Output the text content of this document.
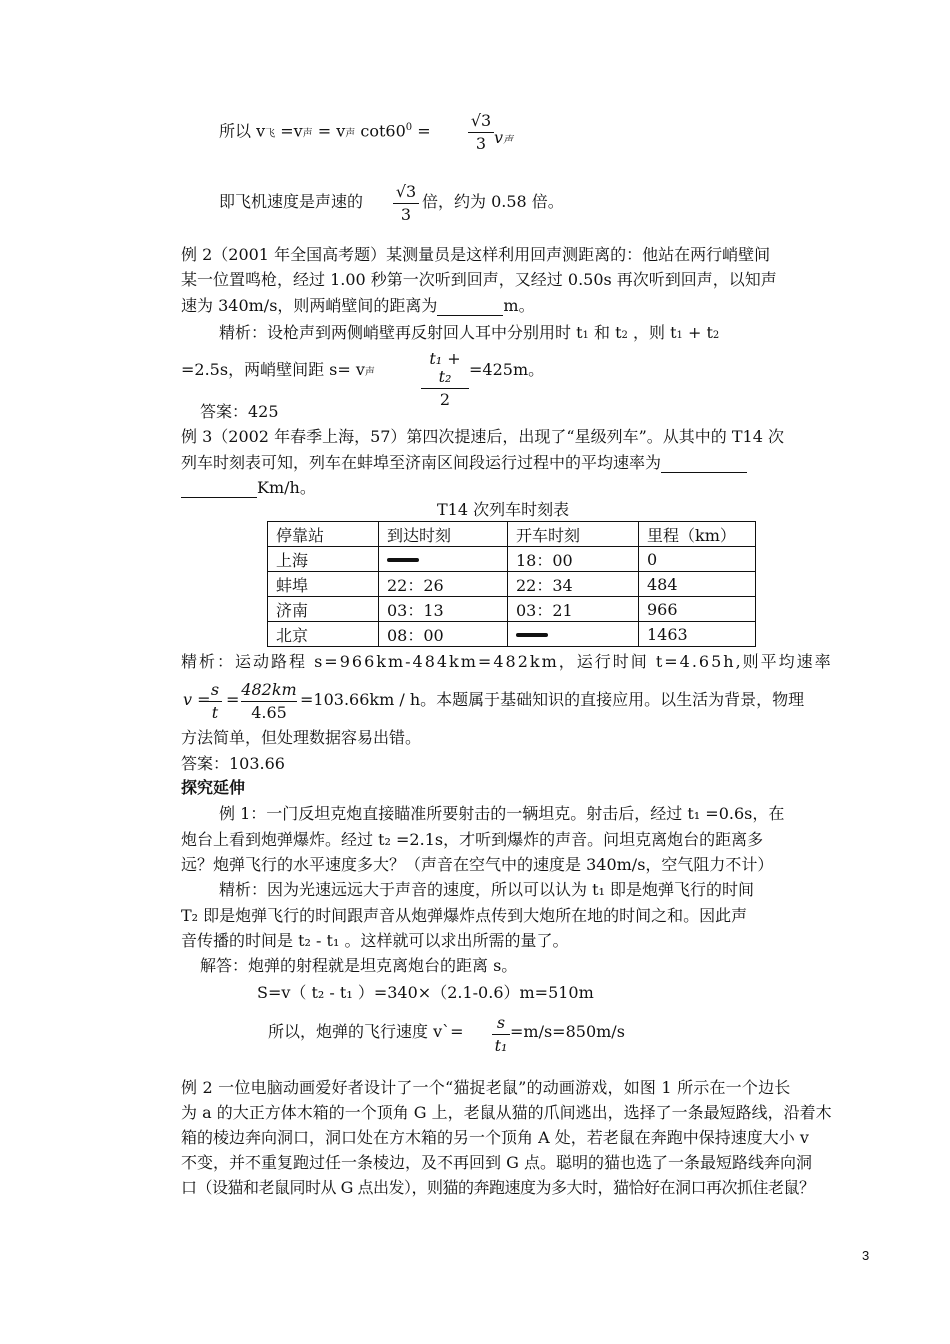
所以 v飞 =v声 = v声 $\cot 60^0$ =
√3
3 v声
即飞机速度是声速的
√3
3
倍，约为 0.58 倍。
例 2（2001 年全国高考题）某测量员是这样利用回声测距离的：他站在两行峭壁间
某一位置鸣枪，经过 1.00 秒第一次听到回声，又经过 0.50s 再次听到回声，以知声
速为 340m/s，则两峭壁间的距离为	m。
精析：设枪声到两侧峭壁再反射回人耳中分别用时 t1 和 t2 ，则 t1 + t2
=2.5s，两峭壁间距 s= v声
t₁ + t₂
2
=425m。
答案：425
例 3（2002 年春季上海，57）第四次提速后，出现了“星级列车”。从其中的 T14 次
列车时刻表可知，列车在蚌埠至济南区间段运行过程中的平均速率为
Km/h。
T14 次列车时刻表
停靠站	到达时刻	开车时刻	里程（km）
上海		18：00	0
蚌埠	22：26	22：34	484
济南	03：13	03：21	966
北京	08：00		1463
精析：运动路程 s=966km-484km=482km，运行时间 t=4.65h,则平均速率
v =
s
t
=
482km
4.65
=103.66km / h。本题属于基础知识的直接应用。以生活为背景，物理
方法简单，但处理数据容易出错。
答案：103.66
探究延伸
例 1：一门反坦克炮直接瞄准所要射击的一辆坦克。射击后，经过 t₁ =0.6s，在
炮台上看到炮弹爆炸。经过 t₂ =2.1s，才听到爆炸的声音。问坦克离炮台的距离多
远？炮弹飞行的水平速度多大？（声音在空气中的速度是 340m/s，空气阻力不计）
精析：因为光速远远大于声音的速度，所以可以认为 t₁ 即是炮弹飞行的时间
T₂ 即是炮弹飞行的时间跟声音从炮弹爆炸点传到大炮所在地的时间之和。因此声
音传播的时间是 t₂ - t₁ 。这样就可以求出所需的量了。
解答：炮弹的射程就是坦克离炮台的距离 s。
S=v（ t₂ - t₁ ）=340×（2.1-0.6）m=510m
所以，炮弹的飞行速度 v`=	s
t₁
=m/s=850m/s
例 2 一位电脑动画爱好者设计了一个“猫捉老鼠”的动画游戏，如图 1 所示在一个边长
为 a 的大正方体木箱的一个顶角 G 上，老鼠从猫的爪间逃出，选择了一条最短路线，沿着木
箱的棱边奔向洞口，洞口处在方木箱的另一个顶角 A 处，若老鼠在奔跑中保持速度大小 v
不变，并不重复跑过任一条棱边，及不再回到 G 点。聪明的猫也选了一条最短路线奔向洞
口（设猫和老鼠同时从 G 点出发），则猫的奔跑速度为多大时，猫恰好在洞口再次抓住老鼠？
3
